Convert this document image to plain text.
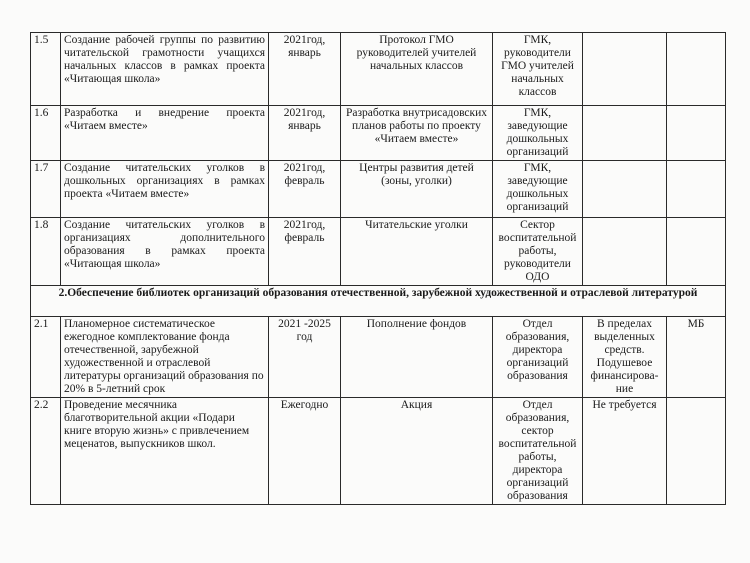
1.5	Создание рабочей группы по развитию читательской грамотности учащихся начальных классов в рамках проекта «Читающая школа»	2021год, январь	Протокол ГМО руководителей учителей начальных классов	ГМК, руководители ГМО учителей начальных классов		
1.6	Разработка и внедрение проекта «Читаем вместе»	2021год, январь	Разработка внутрисадовских планов работы по проекту «Читаем вместе»	ГМК, заведующие дошкольных организаций		
1.7	Создание читательских уголков в дошкольных организациях в рамках проекта «Читаем вместе»	2021год, февраль	Центры развития детей (зоны, уголки)	ГМК, заведующие дошкольных организаций		
1.8	Создание читательских уголков в организациях дополнительного образования в рамках проекта «Читающая школа»	2021год, февраль	Читательские уголки	Сектор воспитательной работы, руководители ОДО		
2.Обеспечение библиотек организаций образования отечественной, зарубежной художественной и отраслевой литературой						
2.1	Планомерное систематическое ежегодное комплектование фонда отечественной, зарубежной художественной и отраслевой литературы организаций образования по 20% в 5-летний срок	2021 -2025 год	Пополнение фондов	Отдел образования, директора организаций образования	В пределах выделенных средств. Подушевое финансирова-ние	МБ
2.2	Проведение месячника благотворительной акции «Подари книге вторую жизнь» с привлечением меценатов, выпускников школ.	Ежегодно	Акция	Отдел образования, сектор воспитательной работы, директора организаций образования	Не требуется	
